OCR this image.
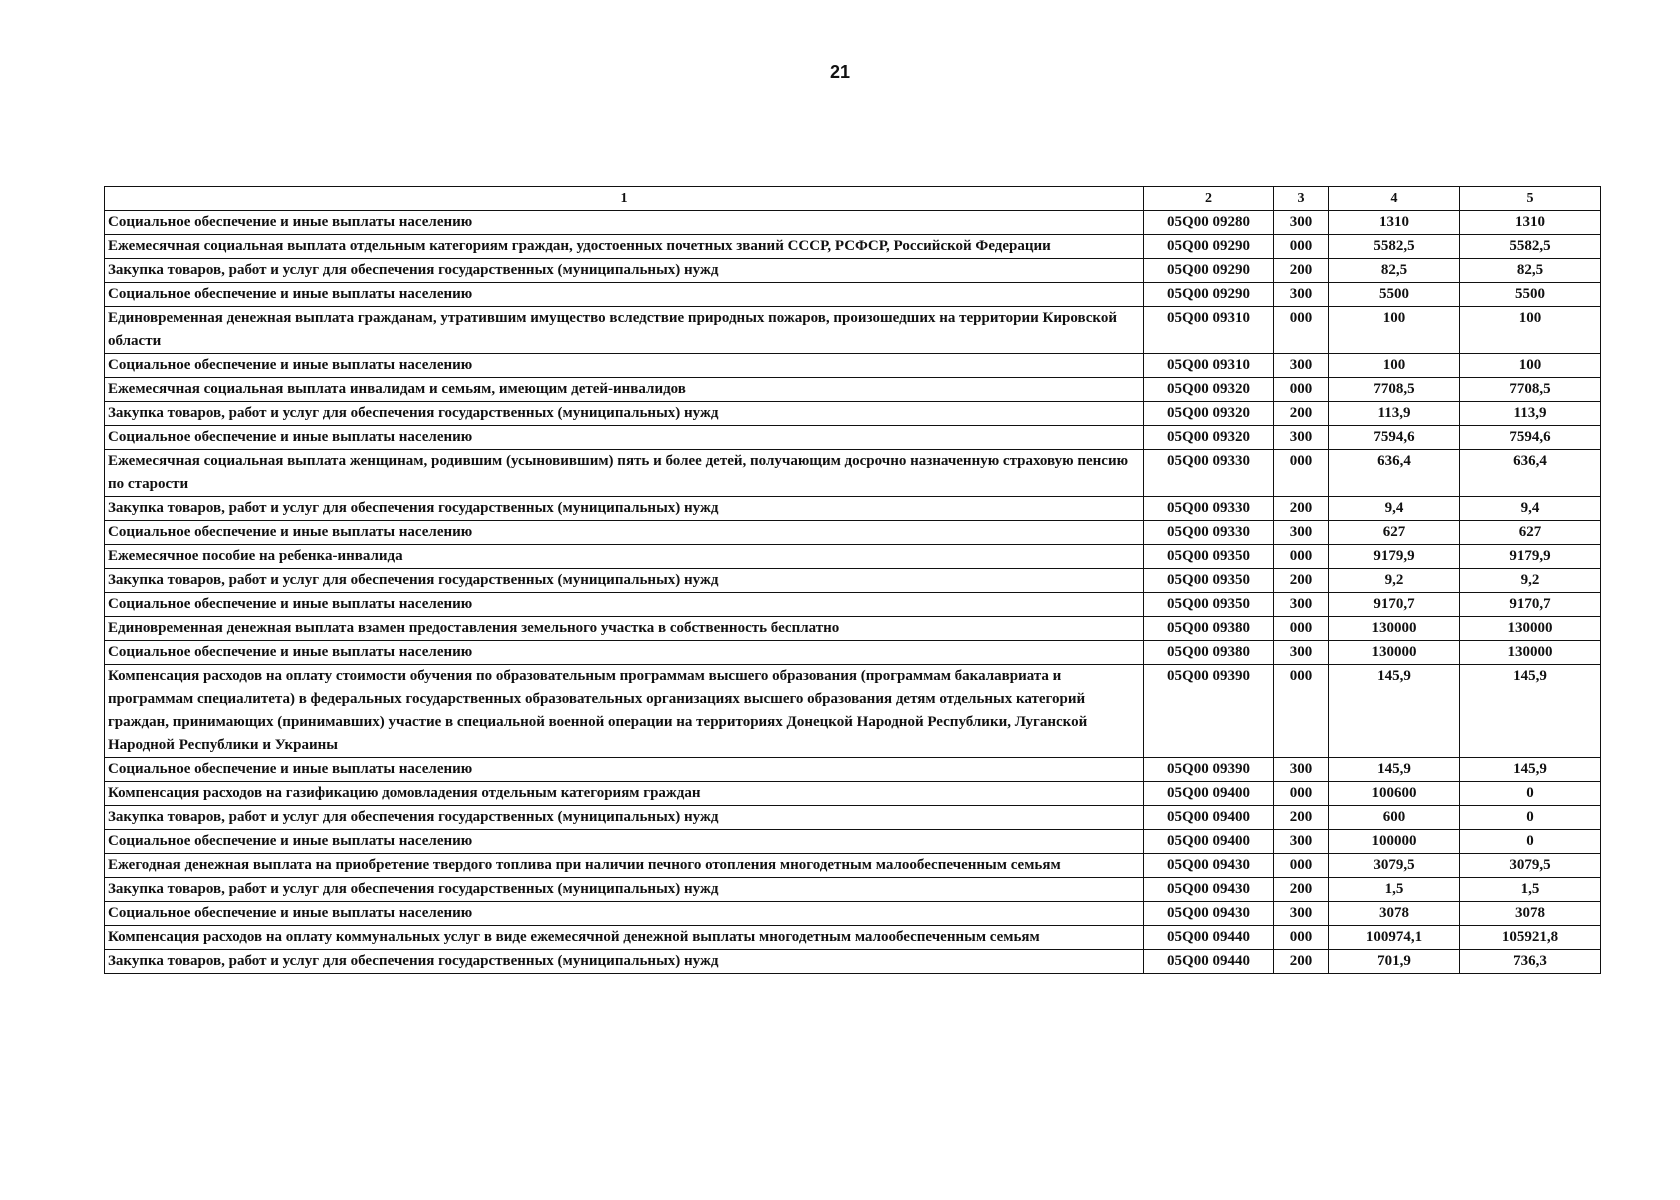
21
1	2	3	4	5
Социальное обеспечение и иные выплаты населению	05Q00 09280	300	1310	1310
Ежемесячная социальная выплата отдельным категориям граждан, удостоенных почетных званий СССР, РСФСР, Российской Федерации	05Q00 09290	000	5582,5	5582,5
Закупка товаров, работ и услуг для обеспечения государственных (муниципальных) нужд	05Q00 09290	200	82,5	82,5
Социальное обеспечение и иные выплаты населению	05Q00 09290	300	5500	5500
Единовременная денежная выплата гражданам, утратившим имущество вследствие природных пожаров, произошедших на территории Кировской области	05Q00 09310	000	100	100
Социальное обеспечение и иные выплаты населению	05Q00 09310	300	100	100
Ежемесячная социальная выплата инвалидам и семьям, имеющим детей-инвалидов	05Q00 09320	000	7708,5	7708,5
Закупка товаров, работ и услуг для обеспечения государственных (муниципальных) нужд	05Q00 09320	200	113,9	113,9
Социальное обеспечение и иные выплаты населению	05Q00 09320	300	7594,6	7594,6
Ежемесячная социальная выплата женщинам, родившим (усыновившим) пять и более детей, получающим досрочно назначенную страховую пенсию по старости	05Q00 09330	000	636,4	636,4
Закупка товаров, работ и услуг для обеспечения государственных (муниципальных) нужд	05Q00 09330	200	9,4	9,4
Социальное обеспечение и иные выплаты населению	05Q00 09330	300	627	627
Ежемесячное пособие на ребенка-инвалида	05Q00 09350	000	9179,9	9179,9
Закупка товаров, работ и услуг для обеспечения государственных (муниципальных) нужд	05Q00 09350	200	9,2	9,2
Социальное обеспечение и иные выплаты населению	05Q00 09350	300	9170,7	9170,7
Единовременная денежная выплата взамен предоставления земельного участка в собственность бесплатно	05Q00 09380	000	130000	130000
Социальное обеспечение и иные выплаты населению	05Q00 09380	300	130000	130000
Компенсация расходов на оплату стоимости обучения по образовательным программам высшего образования (программам бакалавриата и программам специалитета) в федеральных государственных образовательных организациях высшего образования детям отдельных категорий граждан, принимающих (принимавших) участие в специальной военной операции на территориях Донецкой Народной Республики, Луганской Народной Республики и Украины	05Q00 09390	000	145,9	145,9
Социальное обеспечение и иные выплаты населению	05Q00 09390	300	145,9	145,9
Компенсация расходов на газификацию домовладения отдельным категориям граждан	05Q00 09400	000	100600	0
Закупка товаров, работ и услуг для обеспечения государственных (муниципальных) нужд	05Q00 09400	200	600	0
Социальное обеспечение и иные выплаты населению	05Q00 09400	300	100000	0
Ежегодная денежная выплата на приобретение твердого топлива при наличии печного отопления многодетным малообеспеченным семьям	05Q00 09430	000	3079,5	3079,5
Закупка товаров, работ и услуг для обеспечения государственных (муниципальных) нужд	05Q00 09430	200	1,5	1,5
Социальное обеспечение и иные выплаты населению	05Q00 09430	300	3078	3078
Компенсация расходов на оплату коммунальных услуг в виде ежемесячной денежной выплаты многодетным малообеспеченным семьям	05Q00 09440	000	100974,1	105921,8
Закупка товаров, работ и услуг для обеспечения государственных (муниципальных) нужд	05Q00 09440	200	701,9	736,3
